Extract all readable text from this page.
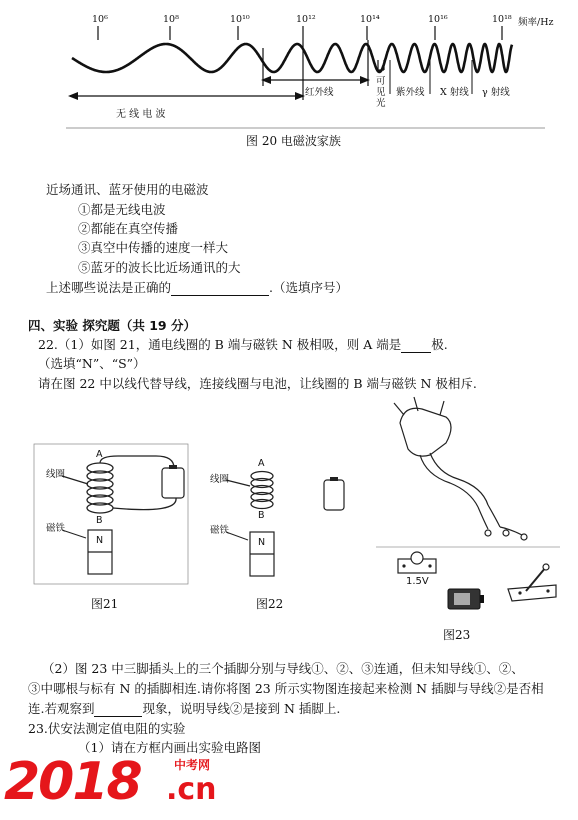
10⁶	10⁸	10¹⁰	10¹²	10¹⁴	10¹⁶	10¹⁸ 频率/Hz
无 线 电 波
红外线
可
见
光
紫外线 X 射线 γ 射线
图 20 电磁波家族
近场通讯、蓝牙使用的电磁波
①都是无线电波
②都能在真空传播
③真空中传播的速度一样大
⑤蓝牙的波长比近场通讯的大
上述哪些说法是正确的	.（选填序号）
四、实验 探究题（共 19 分）
22.（1）如图 21，通电线圈的 B 端与磁铁 N 极相吸，则 A 端是 极.
（选填“N”、“S”）
请在图 22 中以线代替导线，连接线圈与电池，让线圈的 B 端与磁铁 N 极相斥.
线圈
A
B
磁铁
N
图21
线圈
A
B
磁铁
N
图22
1.5V
图23
（2）图 23 中三脚插头上的三个插脚分别与导线①、②、③连通，但未知导线①、②、
③中哪根与标有 N 的插脚相连.请你将图 23 所示实物图连接起来检测 N 插脚与导线②是否相
连.若观察到	现象，说明导线②是接到 N 插脚上.
23.伏安法测定值电阻的实验
（1）请在方框内画出实验电路图
2018	中考网
.cn
